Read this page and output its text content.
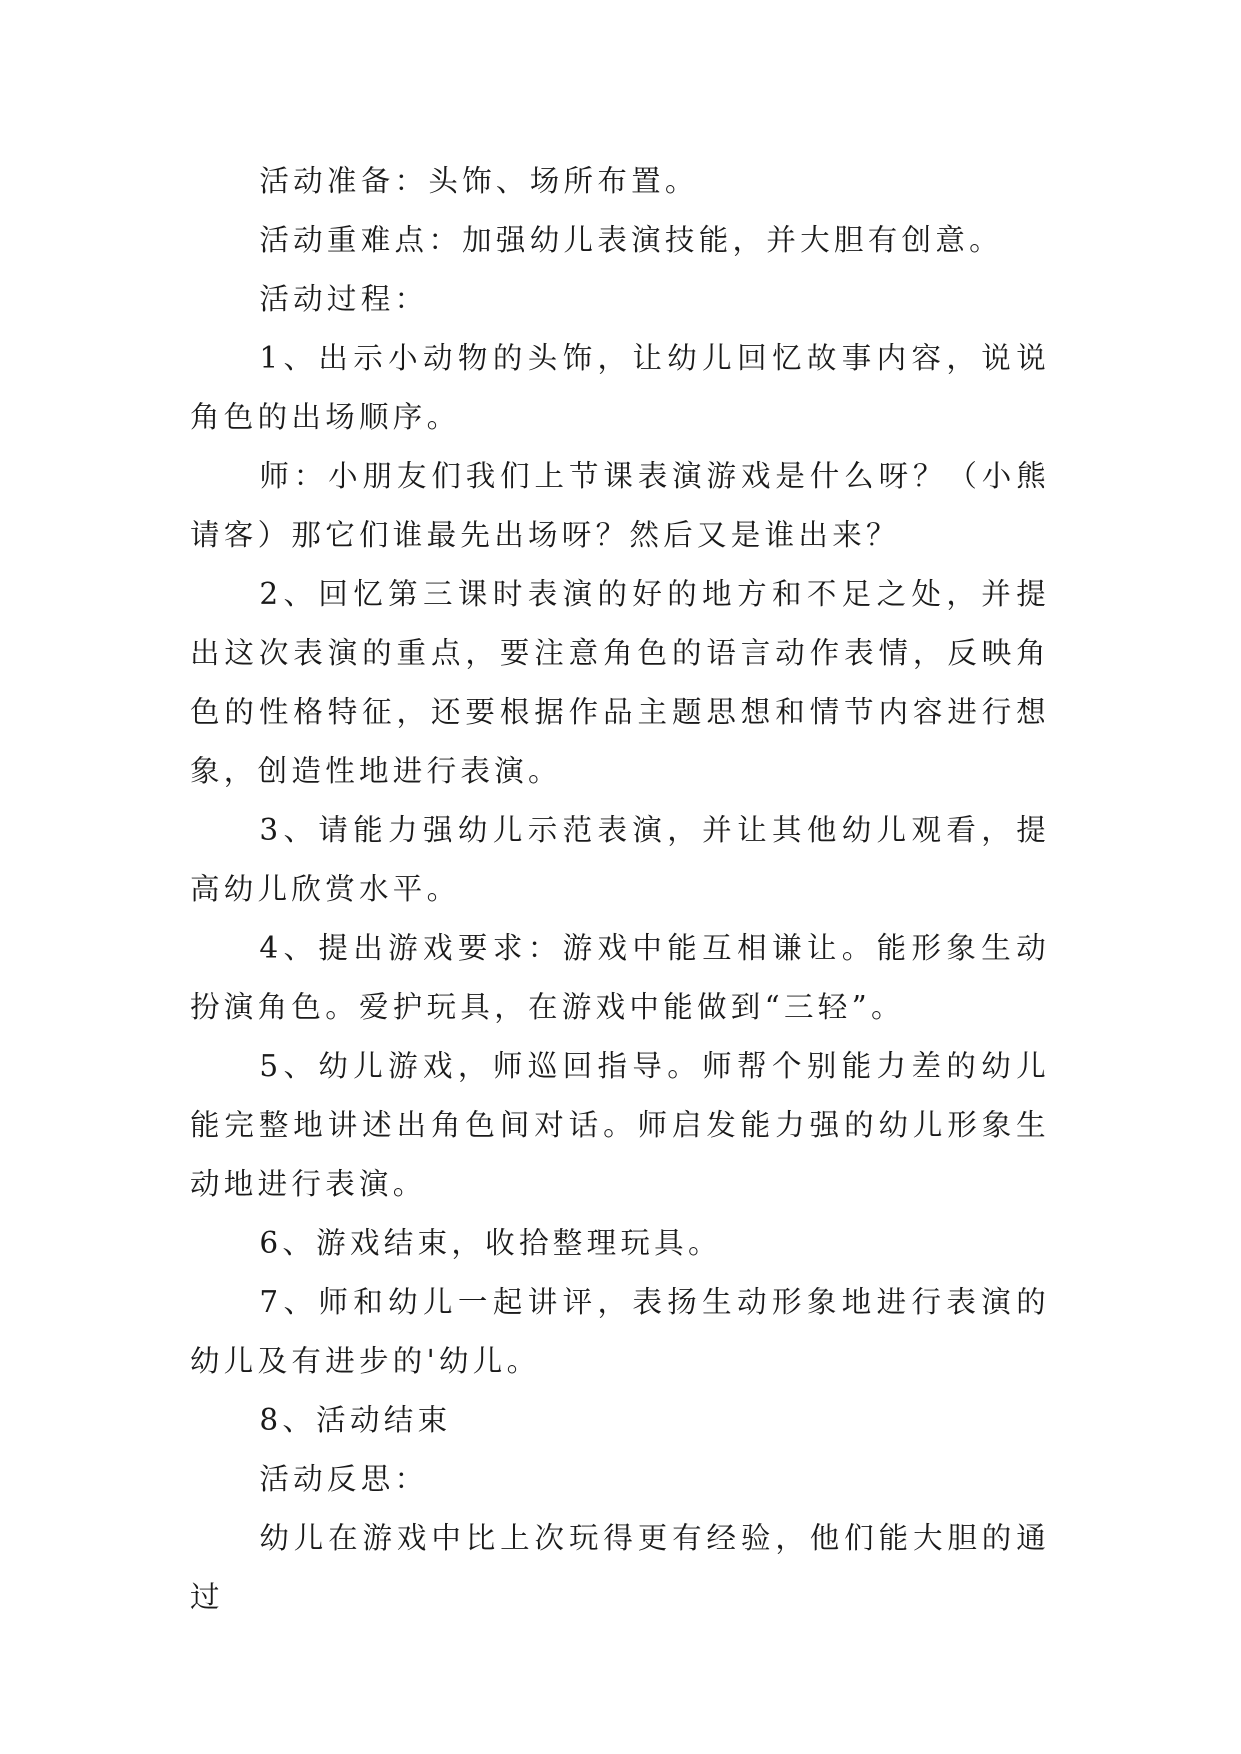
活动准备：头饰、场所布置。

活动重难点：加强幼儿表演技能，并大胆有创意。

活动过程：

1、出示小动物的头饰，让幼儿回忆故事内容，说说角色的出场顺序。

师：小朋友们我们上节课表演游戏是什么呀？（小熊请客）那它们谁最先出场呀？然后又是谁出来？

2、回忆第三课时表演的好的地方和不足之处，并提出这次表演的重点，要注意角色的语言动作表情，反映角色的性格特征，还要根据作品主题思想和情节内容进行想象，创造性地进行表演。

3、请能力强幼儿示范表演，并让其他幼儿观看，提高幼儿欣赏水平。

4、提出游戏要求：游戏中能互相谦让。能形象生动扮演角色。爱护玩具，在游戏中能做到“三轻”。

5、幼儿游戏，师巡回指导。师帮个别能力差的幼儿能完整地讲述出角色间对话。师启发能力强的幼儿形象生动地进行表演。

6、游戏结束，收拾整理玩具。

7、师和幼儿一起讲评，表扬生动形象地进行表演的幼儿及有进步的'幼儿。

8、活动结束

活动反思：

幼儿在游戏中比上次玩得更有经验，他们能大胆的通过
